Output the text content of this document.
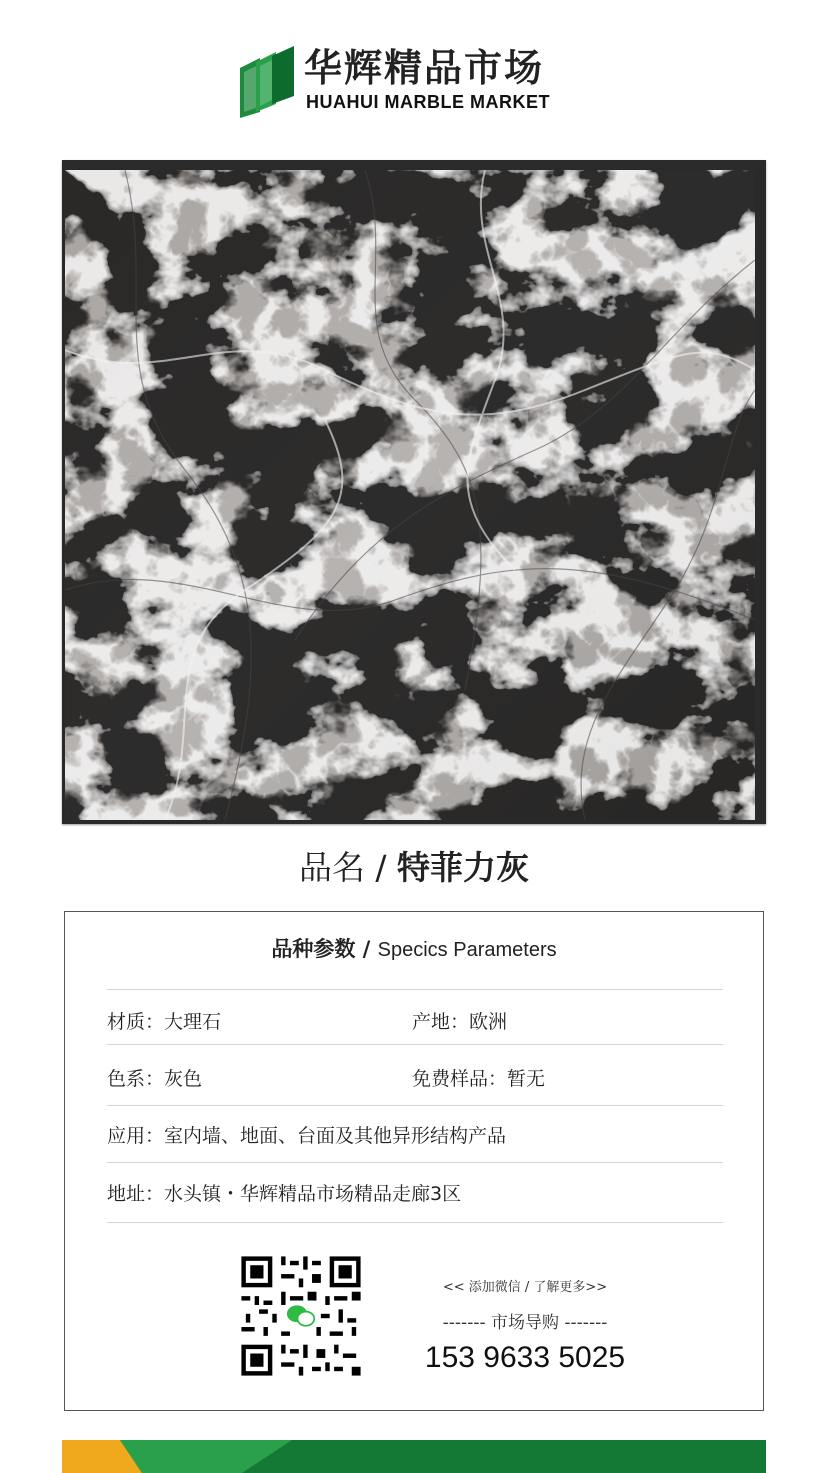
华辉精品市场
HUAHUI MARBLE MARKET
品名 / 特菲力灰
品种参数 / Specics Parameters
材质：大理石	产地：欧洲
色系：灰色	免费样品：暂无
应用：室内墙、地面、台面及其他异形结构产品
地址：水头镇・华辉精品市场精品走廊3区
<< 添加微信 / 了解更多>>
------- 市场导购 -------
153 9633 5025
